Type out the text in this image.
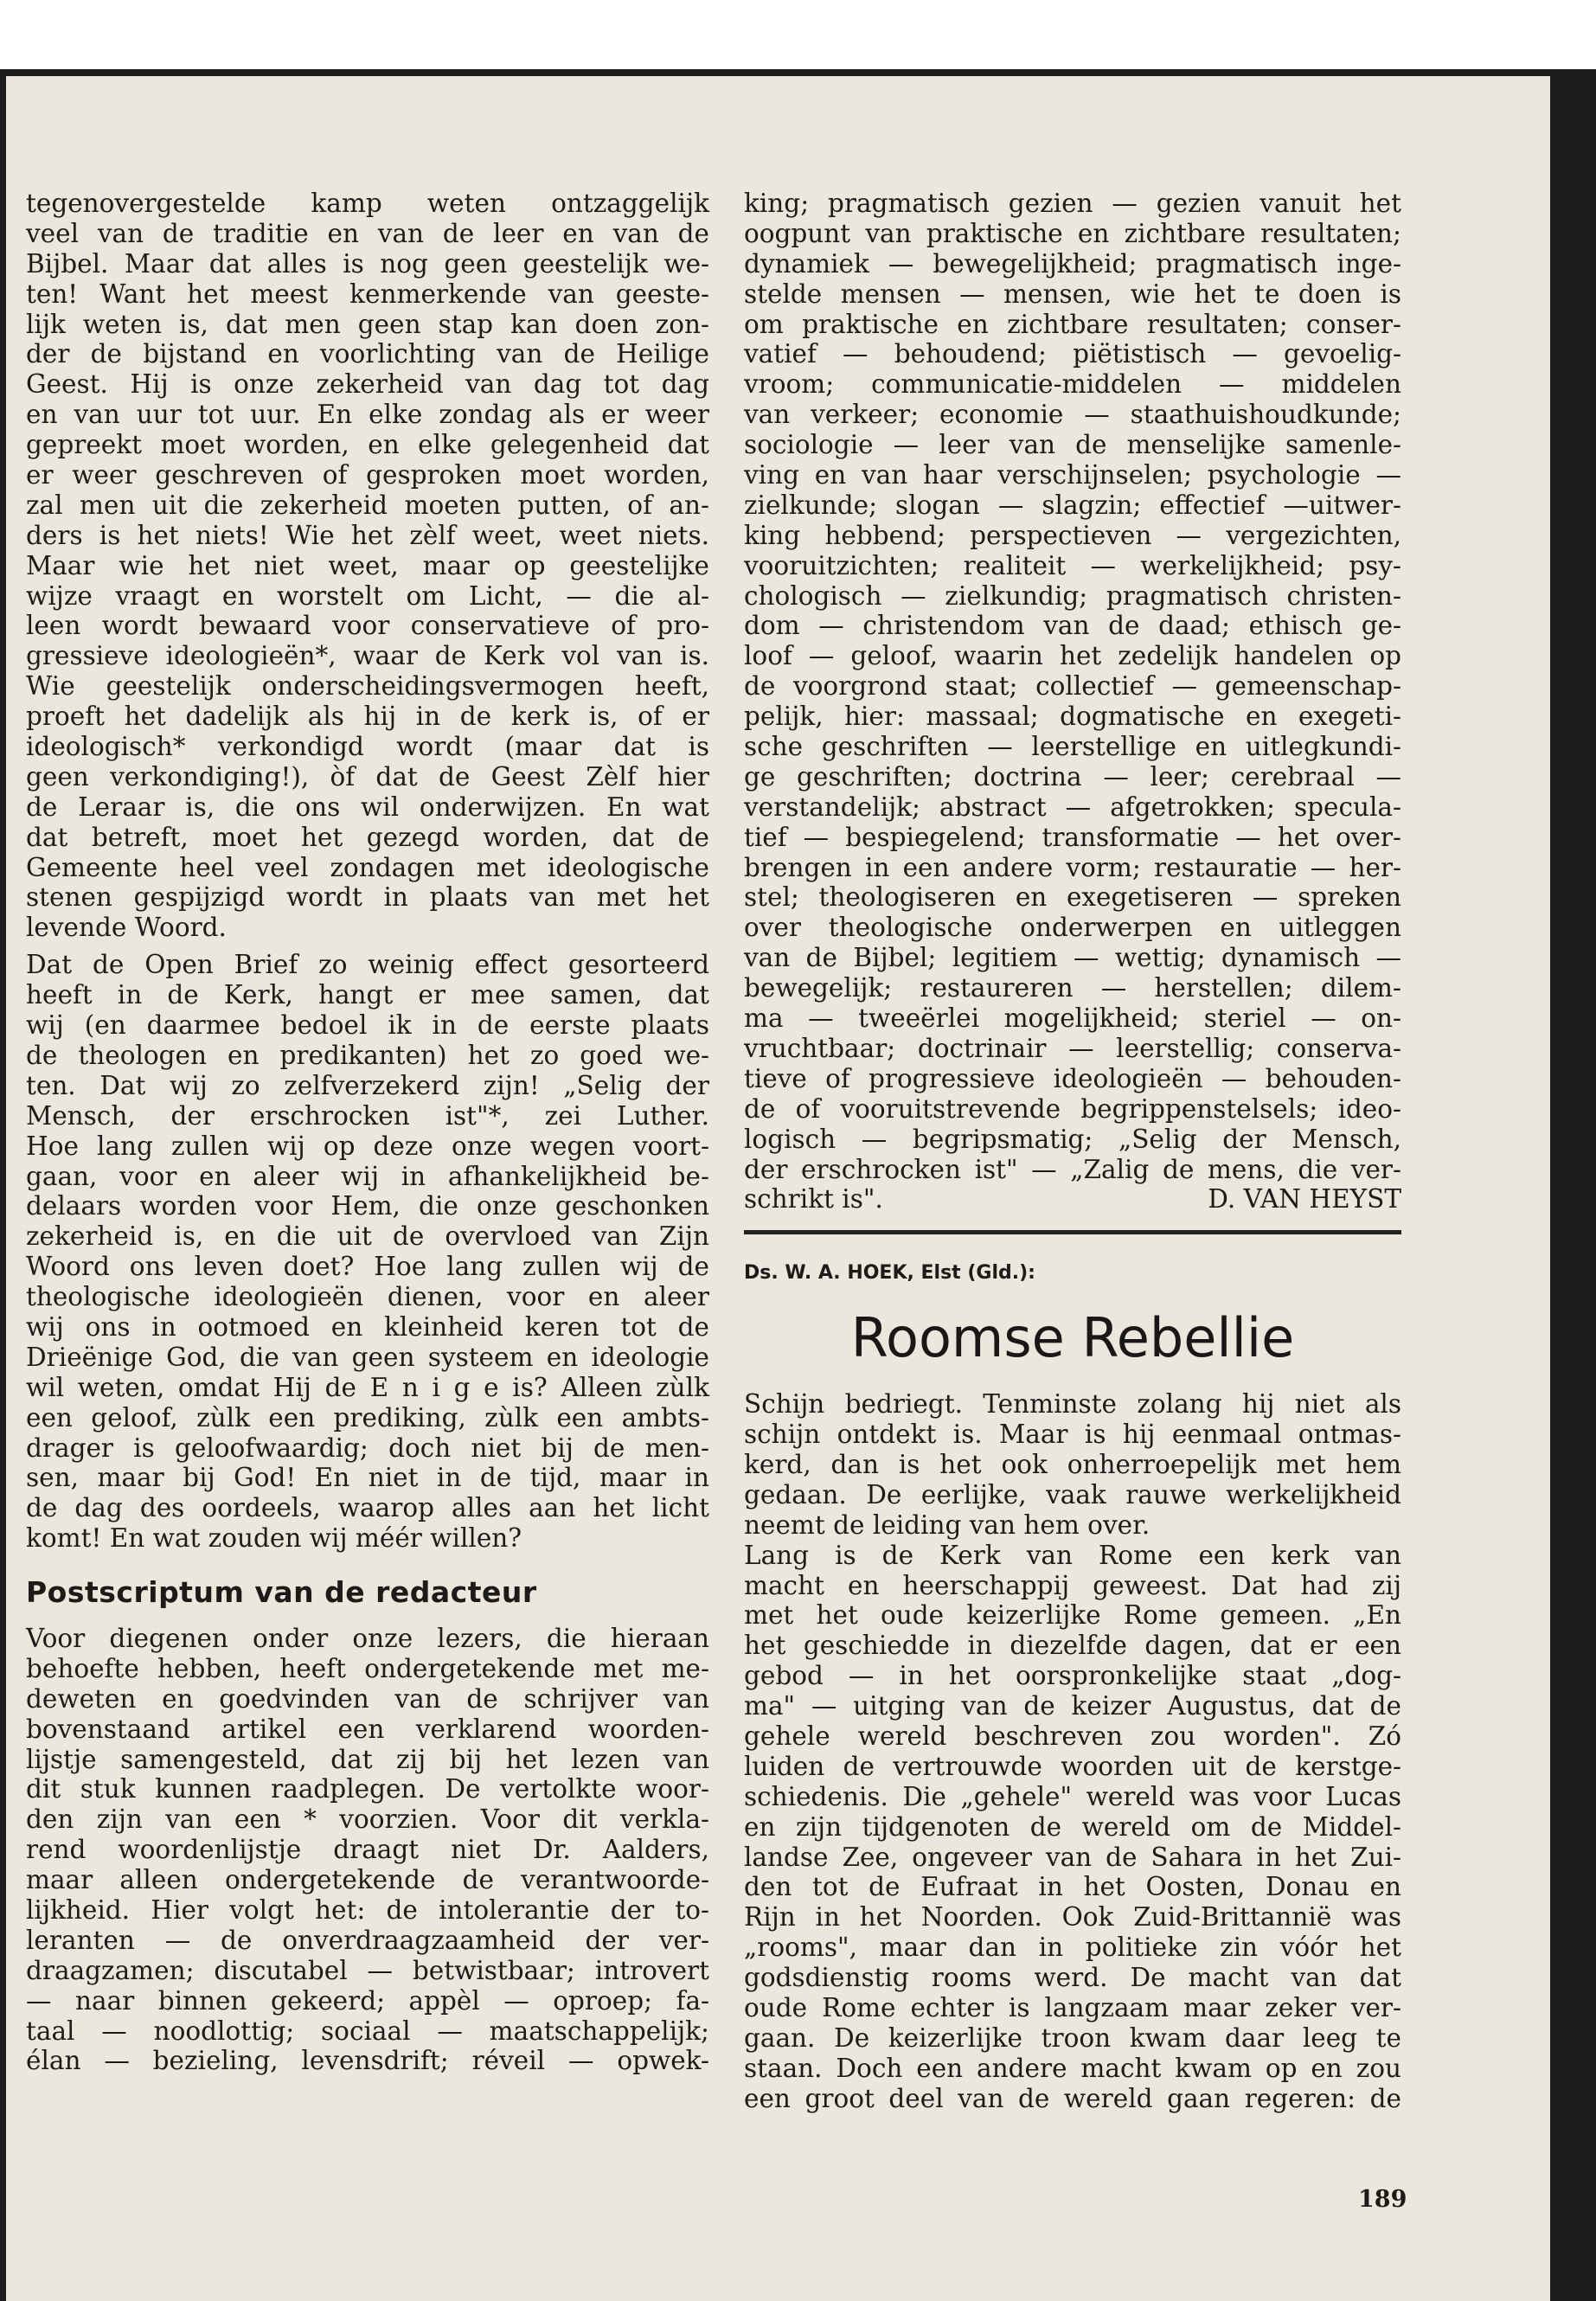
tegenovergestelde kamp weten ontzaggelijk
veel van de traditie en van de leer en van de
Bijbel. Maar dat alles is nog geen geestelijk we-
ten! Want het meest kenmerkende van geeste-
lijk weten is, dat men geen stap kan doen zon-
der de bijstand en voorlichting van de Heilige
Geest. Hij is onze zekerheid van dag tot dag
en van uur tot uur. En elke zondag als er weer
gepreekt moet worden, en elke gelegenheid dat
er weer geschreven of gesproken moet worden,
zal men uit die zekerheid moeten putten, of an-
ders is het niets! Wie het zèlf weet, weet niets.
Maar wie het niet weet, maar op geestelijke
wijze vraagt en worstelt om Licht, — die al-
leen wordt bewaard voor conservatieve of pro-
gressieve ideologieën*, waar de Kerk vol van is.
Wie geestelijk onderscheidingsvermogen heeft,
proeft het dadelijk als hij in de kerk is, of er
ideologisch* verkondigd wordt (maar dat is
geen verkondiging!), òf dat de Geest Zèlf hier
de Leraar is, die ons wil onderwijzen. En wat
dat betreft, moet het gezegd worden, dat de
Gemeente heel veel zondagen met ideologische
stenen gespijzigd wordt in plaats van met het
levende Woord.
Dat de Open Brief zo weinig effect gesorteerd
heeft in de Kerk, hangt er mee samen, dat
wij (en daarmee bedoel ik in de eerste plaats
de theologen en predikanten) het zo goed we-
ten. Dat wij zo zelfverzekerd zijn! „Selig der
Mensch, der erschrocken ist"*, zei Luther.
Hoe lang zullen wij op deze onze wegen voort-
gaan, voor en aleer wij in afhankelijkheid be-
delaars worden voor Hem, die onze geschonken
zekerheid is, en die uit de overvloed van Zijn
Woord ons leven doet? Hoe lang zullen wij de
theologische ideologieën dienen, voor en aleer
wij ons in ootmoed en kleinheid keren tot de
Drieënige God, die van geen systeem en ideologie
wil weten, omdat Hij de E n i g e is? Alleen zùlk
een geloof, zùlk een prediking, zùlk een ambts-
drager is geloofwaardig; doch niet bij de men-
sen, maar bij God! En niet in de tijd, maar in
de dag des oordeels, waarop alles aan het licht
komt! En wat zouden wij méér willen?
Postscriptum van de redacteur
Voor diegenen onder onze lezers, die hieraan
behoefte hebben, heeft ondergetekende met me-
deweten en goedvinden van de schrijver van
bovenstaand artikel een verklarend woorden-
lijstje samengesteld, dat zij bij het lezen van
dit stuk kunnen raadplegen. De vertolkte woor-
den zijn van een * voorzien. Voor dit verkla-
rend woordenlijstje draagt niet Dr. Aalders,
maar alleen ondergetekende de verantwoorde-
lijkheid. Hier volgt het: de intolerantie der to-
leranten — de onverdraagzaamheid der ver-
draagzamen; discutabel — betwistbaar; introvert
— naar binnen gekeerd; appèl — oproep; fa-
taal — noodlottig; sociaal — maatschappelijk;
élan — bezieling, levensdrift; réveil — opwek-
king; pragmatisch gezien — gezien vanuit het
oogpunt van praktische en zichtbare resultaten;
dynamiek — bewegelijkheid; pragmatisch inge-
stelde mensen — mensen, wie het te doen is
om praktische en zichtbare resultaten; conser-
vatief — behoudend; piëtistisch — gevoelig-
vroom; communicatie-middelen — middelen
van verkeer; economie — staathuishoudkunde;
sociologie — leer van de menselijke samenle-
ving en van haar verschijnselen; psychologie —
zielkunde; slogan — slagzin; effectief —uitwer-
king hebbend; perspectieven — vergezichten,
vooruitzichten; realiteit — werkelijkheid; psy-
chologisch — zielkundig; pragmatisch christen-
dom — christendom van de daad; ethisch ge-
loof — geloof, waarin het zedelijk handelen op
de voorgrond staat; collectief — gemeenschap-
pelijk, hier: massaal; dogmatische en exegeti-
sche geschriften — leerstellige en uitlegkundi-
ge geschriften; doctrina — leer; cerebraal —
verstandelijk; abstract — afgetrokken; specula-
tief — bespiegelend; transformatie — het over-
brengen in een andere vorm; restauratie — her-
stel; theologiseren en exegetiseren — spreken
over theologische onderwerpen en uitleggen
van de Bijbel; legitiem — wettig; dynamisch —
bewegelijk; restaureren — herstellen; dilem-
ma — tweeërlei mogelijkheid; steriel — on-
vruchtbaar; doctrinair — leerstellig; conserva-
tieve of progressieve ideologieën — behouden-
de of vooruitstrevende begrippenstelsels; ideo-
logisch — begripsmatig; „Selig der Mensch,
der erschrocken ist" — „Zalig de mens, die ver-
schrikt is".	D. VAN HEYST
Ds. W. A. HOEK, Elst (Gld.):
Roomse Rebellie
Schijn bedriegt. Tenminste zolang hij niet als
schijn ontdekt is. Maar is hij eenmaal ontmas-
kerd, dan is het ook onherroepelijk met hem
gedaan. De eerlijke, vaak rauwe werkelijkheid
neemt de leiding van hem over.
Lang is de Kerk van Rome een kerk van
macht en heerschappij geweest. Dat had zij
met het oude keizerlijke Rome gemeen. „En
het geschiedde in diezelfde dagen, dat er een
gebod — in het oorspronkelijke staat „dog-
ma" — uitging van de keizer Augustus, dat de
gehele wereld beschreven zou worden". Zó
luiden de vertrouwde woorden uit de kerstge-
schiedenis. Die „gehele" wereld was voor Lucas
en zijn tijdgenoten de wereld om de Middel-
landse Zee, ongeveer van de Sahara in het Zui-
den tot de Eufraat in het Oosten, Donau en
Rijn in het Noorden. Ook Zuid-Brittannië was
„rooms", maar dan in politieke zin vóór het
godsdienstig rooms werd. De macht van dat
oude Rome echter is langzaam maar zeker ver-
gaan. De keizerlijke troon kwam daar leeg te
staan. Doch een andere macht kwam op en zou
een groot deel van de wereld gaan regeren: de
189
